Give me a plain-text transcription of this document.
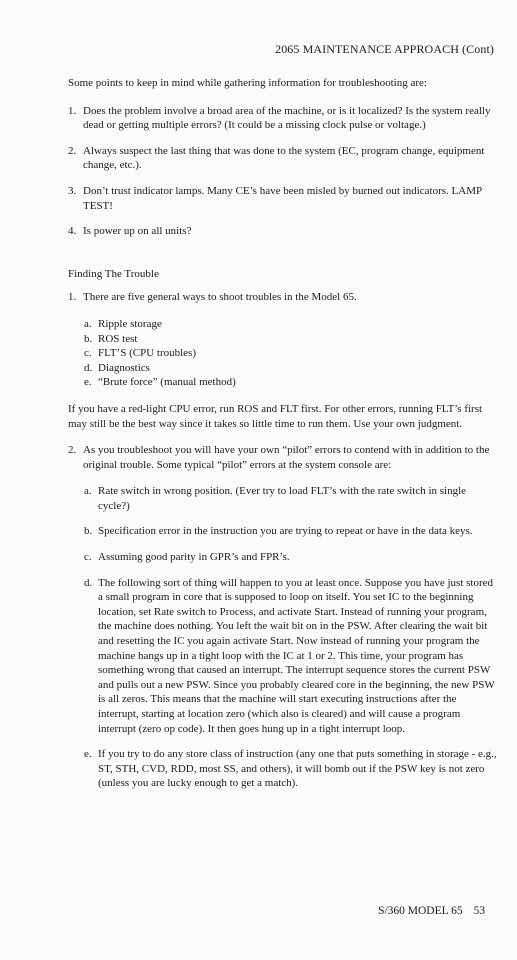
2065 MAINTENANCE APPROACH (Cont)

Some points to keep in mind while gathering information for troubleshooting are:

1. Does the problem involve a broad area of the machine, or is it localized? Is the system really dead or getting multiple errors? (It could be a missing clock pulse or voltage.)
2. Always suspect the last thing that was done to the system (EC, program change, equipment change, etc.).
3. Don’t trust indicator lamps. Many CE’s have been misled by burned out indicators. LAMP TEST!
4. Is power up on all units?

Finding The Trouble

1. There are five general ways to shoot troubles in the Model 65.
a. Ripple storage
b. ROS test
c. FLT’S (CPU troubles)
d. Diagnostics
e. “Brute force” (manual method)

If you have a red-light CPU error, run ROS and FLT first. For other errors, running FLT’s first may still be the best way since it takes so little time to run them. Use your own judgment.

2. As you troubleshoot you will have your own “pilot” errors to contend with in addition to the original trouble. Some typical “pilot” errors at the system console are:
a. Rate switch in wrong position. (Ever try to load FLT’s with the rate switch in single cycle?)
b. Specification error in the instruction you are trying to repeat or have in the data keys.
c. Assuming good parity in GPR’s and FPR’s.
d. The following sort of thing will happen to you at least once. Suppose you have just stored a small program in core that is supposed to loop on itself. You set IC to the beginning location, set Rate switch to Process, and activate Start. Instead of running your program, the machine does nothing. You left the wait bit on in the PSW. After clearing the wait bit and resetting the IC you again activate Start. Now instead of running your program the machine hangs up in a tight loop with the IC at 1 or 2. This time, your program has something wrong that caused an interrupt. The interrupt sequence stores the current PSW and pulls out a new PSW. Since you probably cleared core in the beginning, the new PSW is all zeros. This means that the machine will start executing instructions after the interrupt, starting at location zero (which also is cleared) and will cause a program interrupt (zero op code). It then goes hung up in a tight interrupt loop.
e. If you try to do any store class of instruction (any one that puts something in storage - e.g., ST, STH, CVD, RDD, most SS, and others), it will bomb out if the PSW key is not zero (unless you are lucky enough to get a match).
S/360 MODEL 65 53
